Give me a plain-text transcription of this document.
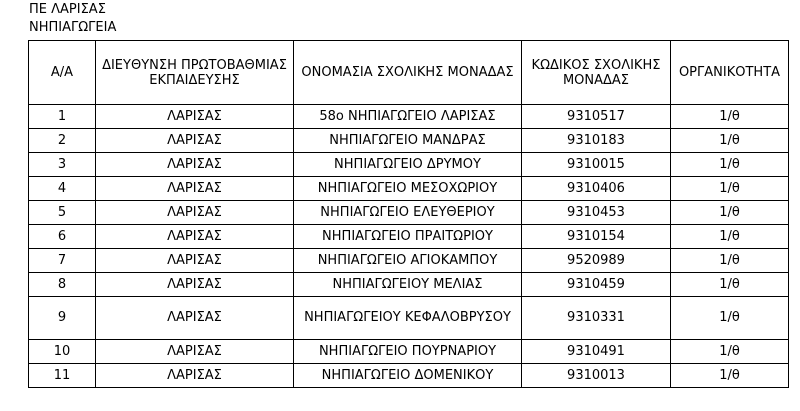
ΠΕ ΛΑΡΙΣΑΣ
ΝΗΠΙΑΓΩΓΕΙΑ
Α/Α	ΔΙΕΥΘΥΝΣΗ ΠΡΩΤΟΒΑΘΜΙΑΣ ΕΚΠΑΙΔΕΥΣΗΣ	ΟΝΟΜΑΣΙΑ ΣΧΟΛΙΚΗΣ ΜΟΝΑΔΑΣ	ΚΩΔΙΚΟΣ ΣΧΟΛΙΚΗΣ ΜΟΝΑΔΑΣ	ΟΡΓΑΝΙΚΟΤΗΤΑ
1	ΛΑΡΙΣΑΣ	58ο ΝΗΠΙΑΓΩΓΕΙΟ ΛΑΡΙΣΑΣ	9310517	1/θ
2	ΛΑΡΙΣΑΣ	ΝΗΠΙΑΓΩΓΕΙΟ ΜΑΝΔΡΑΣ	9310183	1/θ
3	ΛΑΡΙΣΑΣ	ΝΗΠΙΑΓΩΓΕΙΟ ΔΡΥΜΟΥ	9310015	1/θ
4	ΛΑΡΙΣΑΣ	ΝΗΠΙΑΓΩΓΕΙΟ ΜΕΣΟΧΩΡΙΟΥ	9310406	1/θ
5	ΛΑΡΙΣΑΣ	ΝΗΠΙΑΓΩΓΕΙΟ ΕΛΕΥΘΕΡΙΟΥ	9310453	1/θ
6	ΛΑΡΙΣΑΣ	ΝΗΠΙΑΓΩΓΕΙΟ ΠΡΑΙΤΩΡΙΟΥ	9310154	1/θ
7	ΛΑΡΙΣΑΣ	ΝΗΠΙΑΓΩΓΕΙΟ ΑΓΙΟΚΑΜΠΟΥ	9520989	1/θ
8	ΛΑΡΙΣΑΣ	ΝΗΠΙΑΓΩΓΕΙΟΥ ΜΕΛΙΑΣ	9310459	1/θ
9	ΛΑΡΙΣΑΣ	ΝΗΠΙΑΓΩΓΕΙΟΥ ΚΕΦΑΛΟΒΡΥΣΟΥ	9310331	1/θ
10	ΛΑΡΙΣΑΣ	ΝΗΠΙΑΓΩΓΕΙΟ ΠΟΥΡΝΑΡΙΟΥ	9310491	1/θ
11	ΛΑΡΙΣΑΣ	ΝΗΠΙΑΓΩΓΕΙΟ ΔΟΜΕΝΙΚΟΥ	9310013	1/θ
